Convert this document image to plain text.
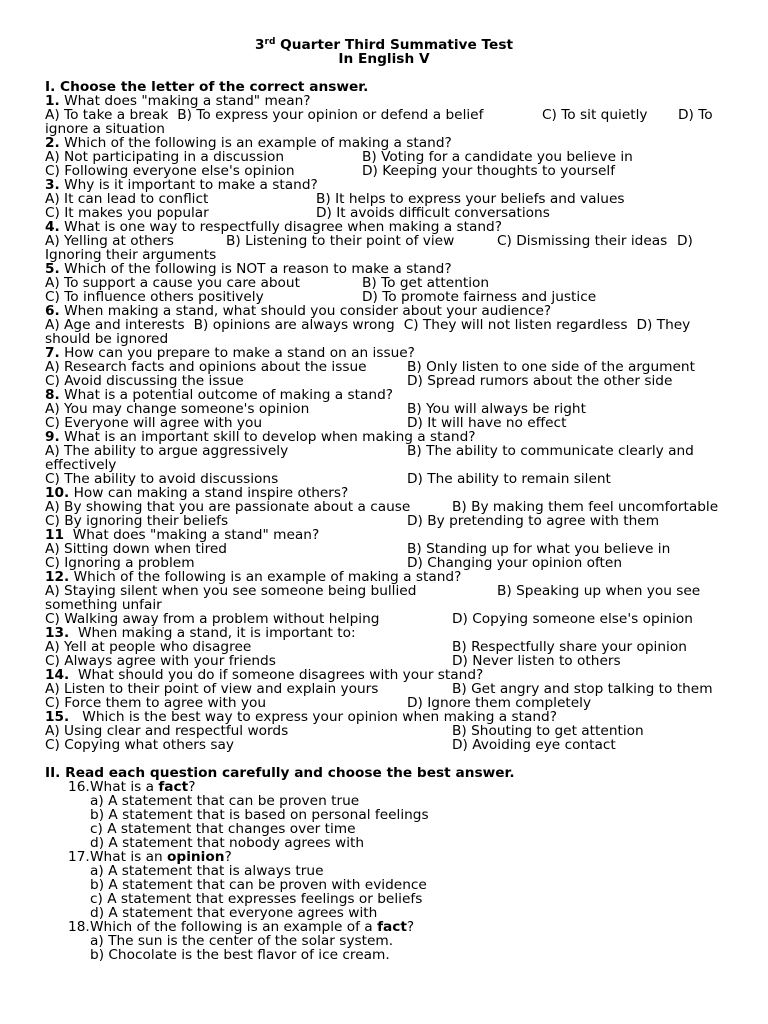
3rd Quarter Third Summative Test
In English V
I. Choose the letter of the correct answer.
1. What does "making a stand" mean?
A) To take a break B) To express your opinion or defend a belief	C) To sit quietly D) To ignore a situation
2. Which of the following is an example of making a stand?
A) Not participating in a discussion	B) Voting for a candidate you believe in
C) Following everyone else's opinion	D) Keeping your thoughts to yourself
3. Why is it important to make a stand?
A) It can lead to conflict	B) It helps to express your beliefs and values
C) It makes you popular	D) It avoids difficult conversations
4. What is one way to respectfully disagree when making a stand?
A) Yelling at others	B) Listening to their point of view	C) Dismissing their ideas D) Ignoring their arguments
5. Which of the following is NOT a reason to make a stand?
A) To support a cause you care about	B) To get attention
C) To influence others positively	D) To promote fairness and justice
6. When making a stand, what should you consider about your audience?
A) Age and interests B) opinions are always wrong C) They will not listen regardless D) They should be ignored
7. How can you prepare to make a stand on an issue?
A) Research facts and opinions about the issue	B) Only listen to one side of the argument
C) Avoid discussing the issue	D) Spread rumors about the other side
8. What is a potential outcome of making a stand?
A) You may change someone's opinion	B) You will always be right
C) Everyone will agree with you	D) It will have no effect
9. What is an important skill to develop when making a stand?
A) The ability to argue aggressively	B) The ability to communicate clearly and effectively
C) The ability to avoid discussions	D) The ability to remain silent
10. How can making a stand inspire others?
A) By showing that you are passionate about a cause	B) By making them feel uncomfortable
C) By ignoring their beliefs	D) By pretending to agree with them
11  What does "making a stand" mean?
A) Sitting down when tired	B) Standing up for what you believe in
C) Ignoring a problem	D) Changing your opinion often
12. Which of the following is an example of making a stand?
A) Staying silent when you see someone being bullied	B) Speaking up when you see something unfair
C) Walking away from a problem without helping	D) Copying someone else's opinion
13.  When making a stand, it is important to:
A) Yell at people who disagree	B) Respectfully share your opinion
C) Always agree with your friends	D) Never listen to others
14.  What should you do if someone disagrees with your stand?
A) Listen to their point of view and explain yours	B) Get angry and stop talking to them
C) Force them to agree with you	D) Ignore them completely
15.   Which is the best way to express your opinion when making a stand?
A) Using clear and respectful words	B) Shouting to get attention
C) Copying what others say	D) Avoiding eye contact
II. Read each question carefully and choose the best answer.
16.What is a fact?
a) A statement that can be proven true
b) A statement that is based on personal feelings
c) A statement that changes over time
d) A statement that nobody agrees with
17.What is an opinion?
a) A statement that is always true
b) A statement that can be proven with evidence
c) A statement that expresses feelings or beliefs
d) A statement that everyone agrees with
18.Which of the following is an example of a fact?
a) The sun is the center of the solar system.
b) Chocolate is the best flavor of ice cream.
